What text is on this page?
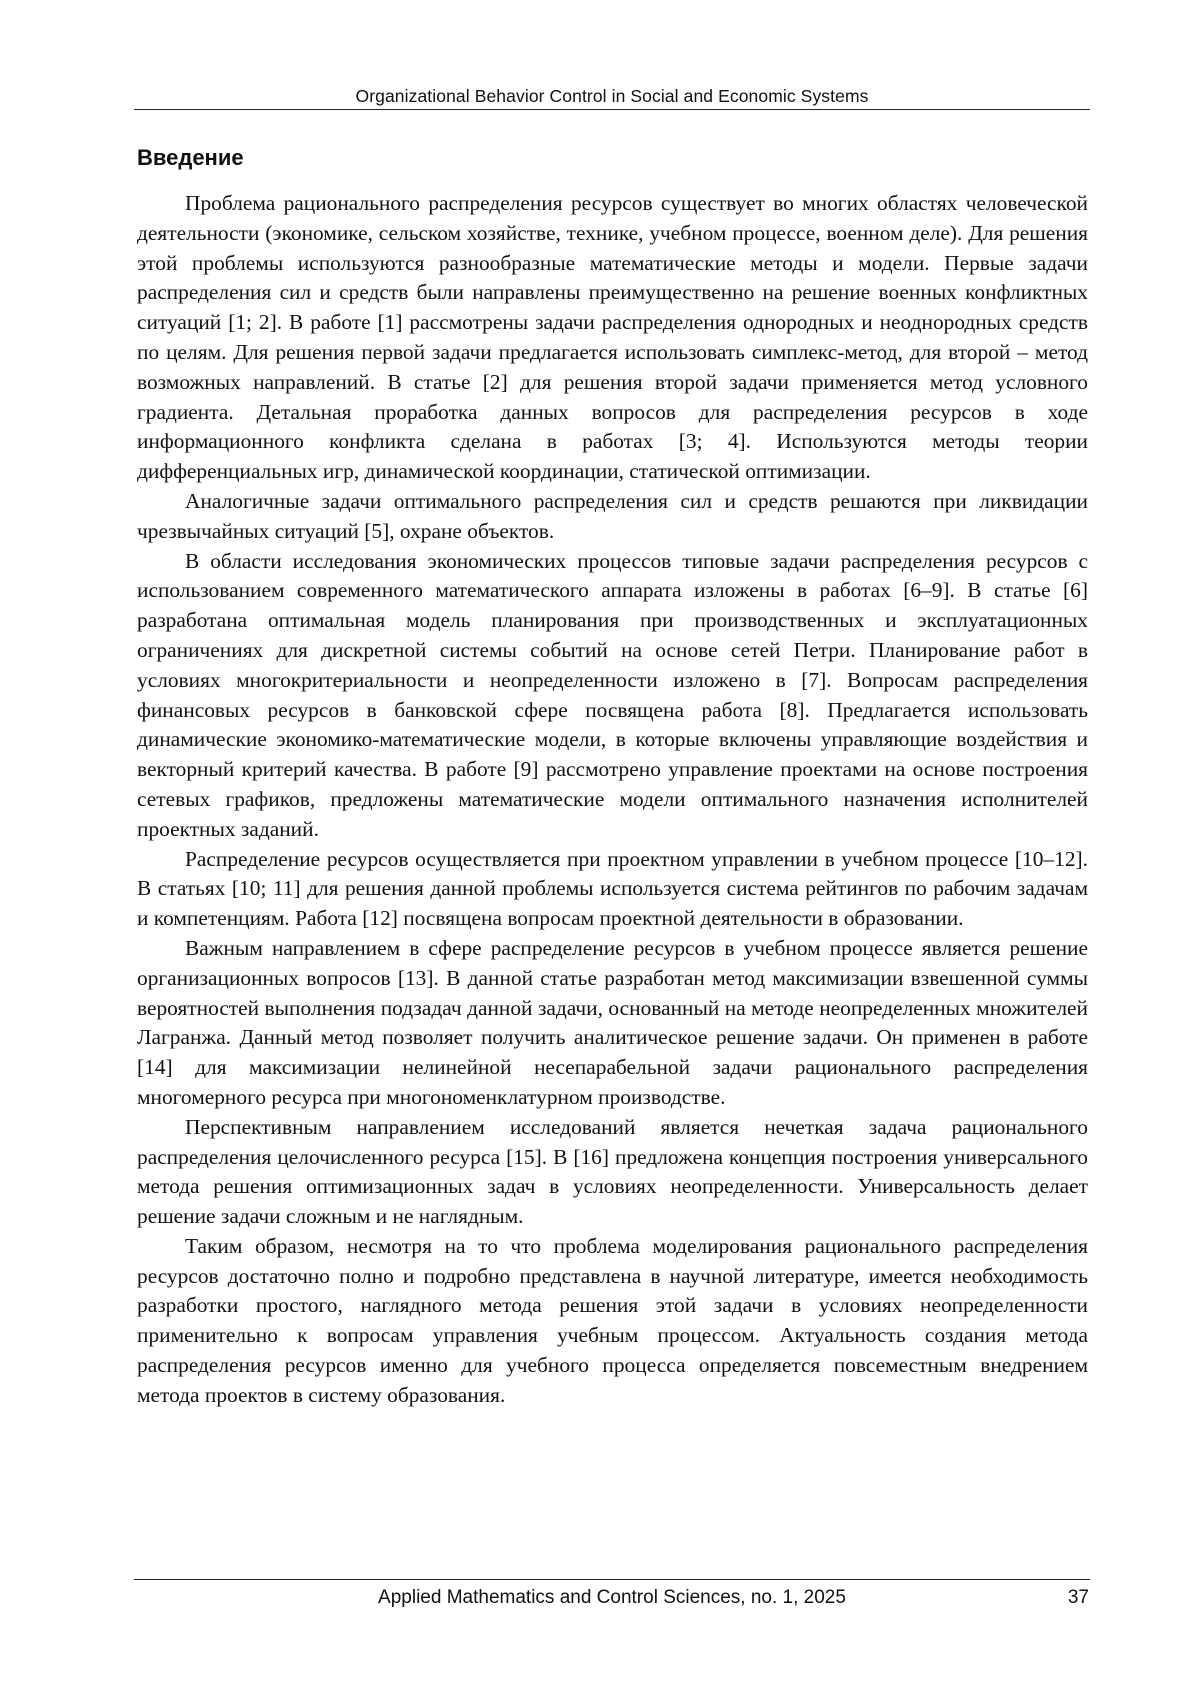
Organizational Behavior Control in Social and Economic Systems
Введение

Проблема рационального распределения ресурсов существует во многих областях человеческой деятельности (экономике, сельском хозяйстве, технике, учебном процессе, военном деле). Для решения этой проблемы используются разнообразные математические методы и модели. Первые задачи распределения сил и средств были направлены преимущественно на решение военных конфликтных ситуаций [1; 2]. В работе [1] рассмотрены задачи распределения однородных и неоднородных средств по целям. Для решения первой задачи предлагается использовать симплекс-метод, для второй – метод возможных направлений. В статье [2] для решения второй задачи применяется метод условного градиента. Детальная проработка данных вопросов для распределения ресурсов в ходе информационного конфликта сделана в работах [3; 4]. Используются методы теории дифференциальных игр, динамической координации, статической оптимизации.

Аналогичные задачи оптимального распределения сил и средств решаются при ликвидации чрезвычайных ситуаций [5], охране объектов.

В области исследования экономических процессов типовые задачи распределения ресурсов с использованием современного математического аппарата изложены в работах [6–9]. В статье [6] разработана оптимальная модель планирования при производственных и эксплуатационных ограничениях для дискретной системы событий на основе сетей Петри. Планирование работ в условиях многокритериальности и неопределенности изложено в [7]. Вопросам распределения финансовых ресурсов в банковской сфере посвящена работа [8]. Предлагается использовать динамические экономико-математические модели, в которые включены управляющие воздействия и векторный критерий качества. В работе [9] рассмотрено управление проектами на основе построения сетевых графиков, предложены математические модели оптимального назначения исполнителей проектных заданий.

Распределение ресурсов осуществляется при проектном управлении в учебном процессе [10–12]. В статьях [10; 11] для решения данной проблемы используется система рейтингов по рабочим задачам и компетенциям. Работа [12] посвящена вопросам проектной деятельности в образовании.

Важным направлением в сфере распределение ресурсов в учебном процессе является решение организационных вопросов [13]. В данной статье разработан метод максимизации взвешенной суммы вероятностей выполнения подзадач данной задачи, основанный на методе неопределенных множителей Лагранжа. Данный метод позволяет получить аналитическое решение задачи. Он применен в работе [14] для максимизации нелинейной несепарабельной задачи рационального распределения многомерного ресурса при многономенклатурном производстве.

Перспективным направлением исследований является нечеткая задача рационального распределения целочисленного ресурса [15]. В [16] предложена концепция построения универсального метода решения оптимизационных задач в условиях неопределенности. Универсальность делает решение задачи сложным и не наглядным.

Таким образом, несмотря на то что проблема моделирования рационального распределения ресурсов достаточно полно и подробно представлена в научной литературе, имеется необходимость разработки простого, наглядного метода решения этой задачи в условиях неопределенности применительно к вопросам управления учебным процессом. Актуальность создания метода распределения ресурсов именно для учебного процесса определяется повсеместным внедрением метода проектов в систему образования.

Applied Mathematics and Control Sciences, no. 1, 2025	37
